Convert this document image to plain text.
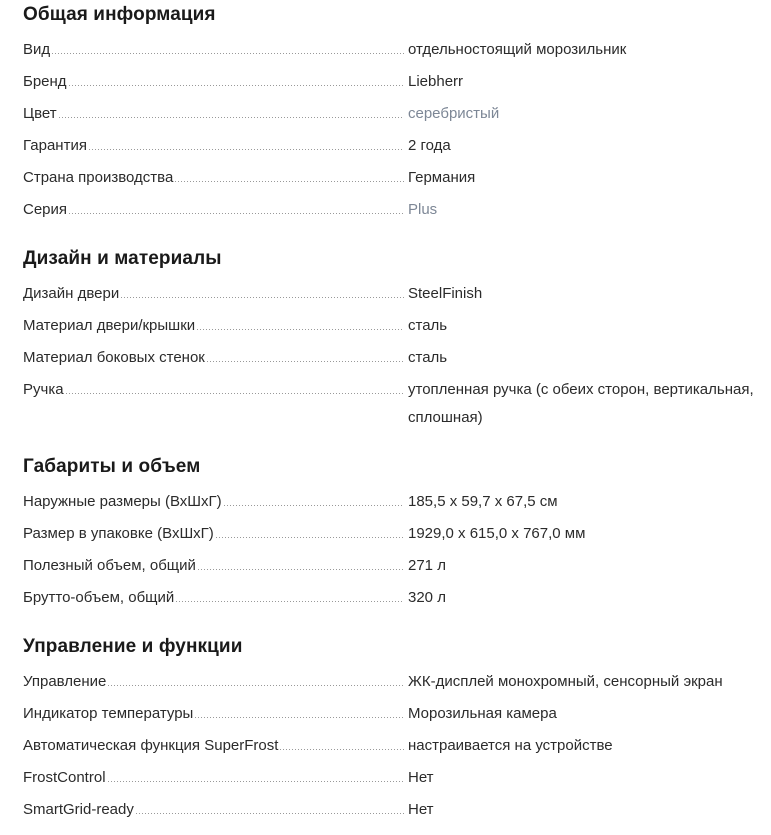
Общая информация
Вид	отдельностоящий морозильник
Бренд	Liebherr
Цвет	серебристый
Гарантия	2 года
Страна производства	Германия
Серия	Plus
Дизайн и материалы
Дизайн двери	SteelFinish
Материал двери/крышки	сталь
Материал боковых стенок	сталь
Ручка	утопленная ручка (с обеих сторон, вертикальная, сплошная)
Габариты и объем
Наружные размеры (ВхШхГ)	185,5 x 59,7 x 67,5 см
Размер в упаковке (ВхШхГ)	1929,0 x 615,0 x 767,0 мм
Полезный объем, общий	271 л
Брутто-объем, общий	320 л
Управление и функции
Управление	ЖК-дисплей монохромный, сенсорный экран
Индикатор температуры	Морозильная камера
Автоматическая функция SuperFrost	настраивается на устройстве
FrostControl	Нет
SmartGrid-ready	Нет
